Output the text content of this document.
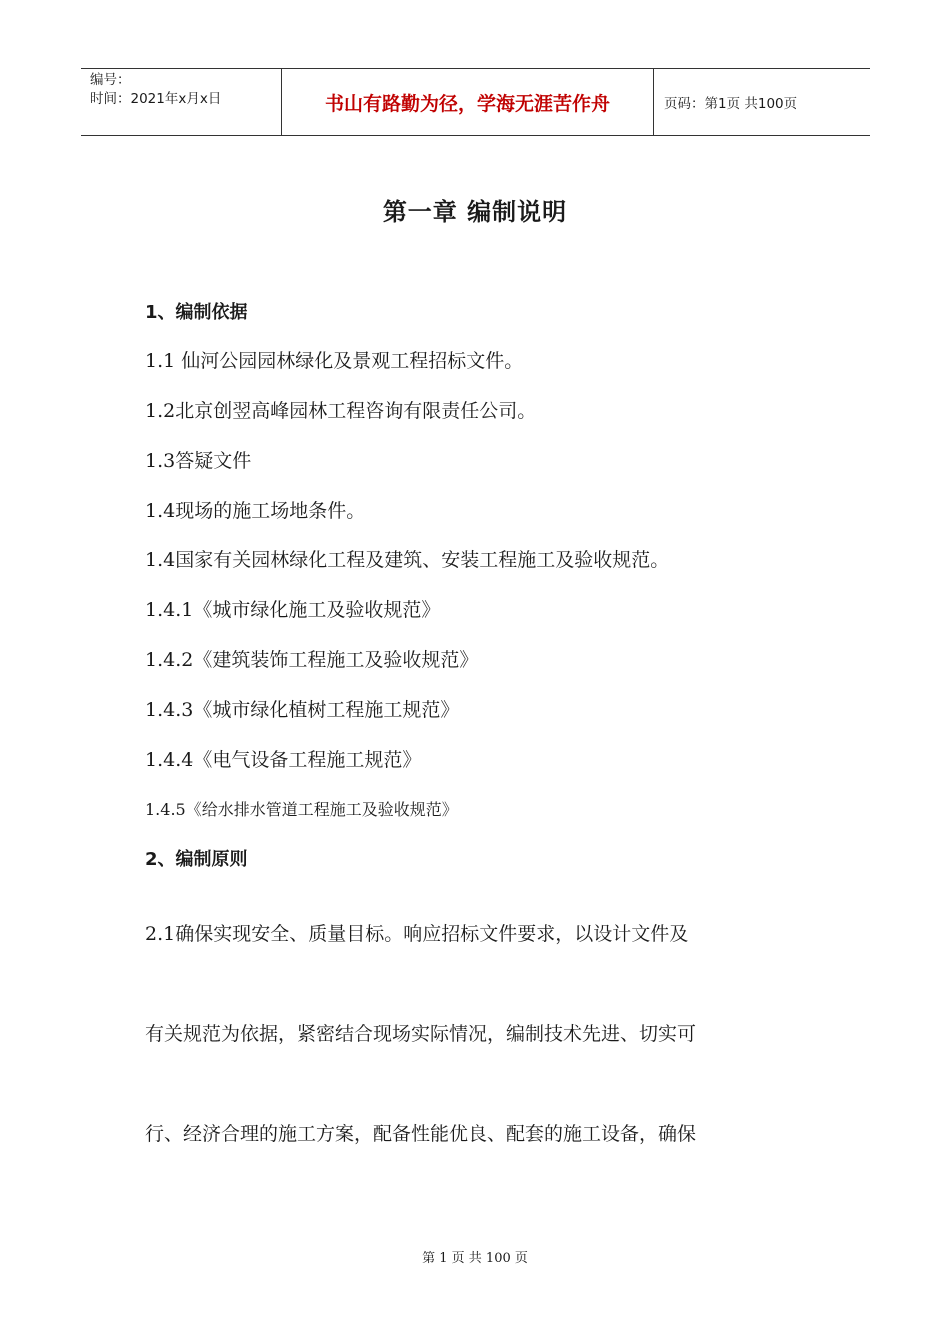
编号：
时间：2021年x月x日	书山有路勤为径，学海无涯苦作舟	页码：第1页 共100页
第一章 编制说明
1、编制依据
1.1 仙河公园园林绿化及景观工程招标文件。
1.2北京创翌高峰园林工程咨询有限责任公司。
1.3答疑文件
1.4现场的施工场地条件。
1.4国家有关园林绿化工程及建筑、安装工程施工及验收规范。
1.4.1《城市绿化施工及验收规范》
1.4.2《建筑装饰工程施工及验收规范》
1.4.3《城市绿化植树工程施工规范》
1.4.4《电气设备工程施工规范》
1.4.5《给水排水管道工程施工及验收规范》
2、编制原则
2.1确保实现安全、质量目标。响应招标文件要求，以设计文件及
有关规范为依据，紧密结合现场实际情况，编制技术先进、切实可
行、经济合理的施工方案，配备性能优良、配套的施工设备，确保
第 1 页 共 100 页
